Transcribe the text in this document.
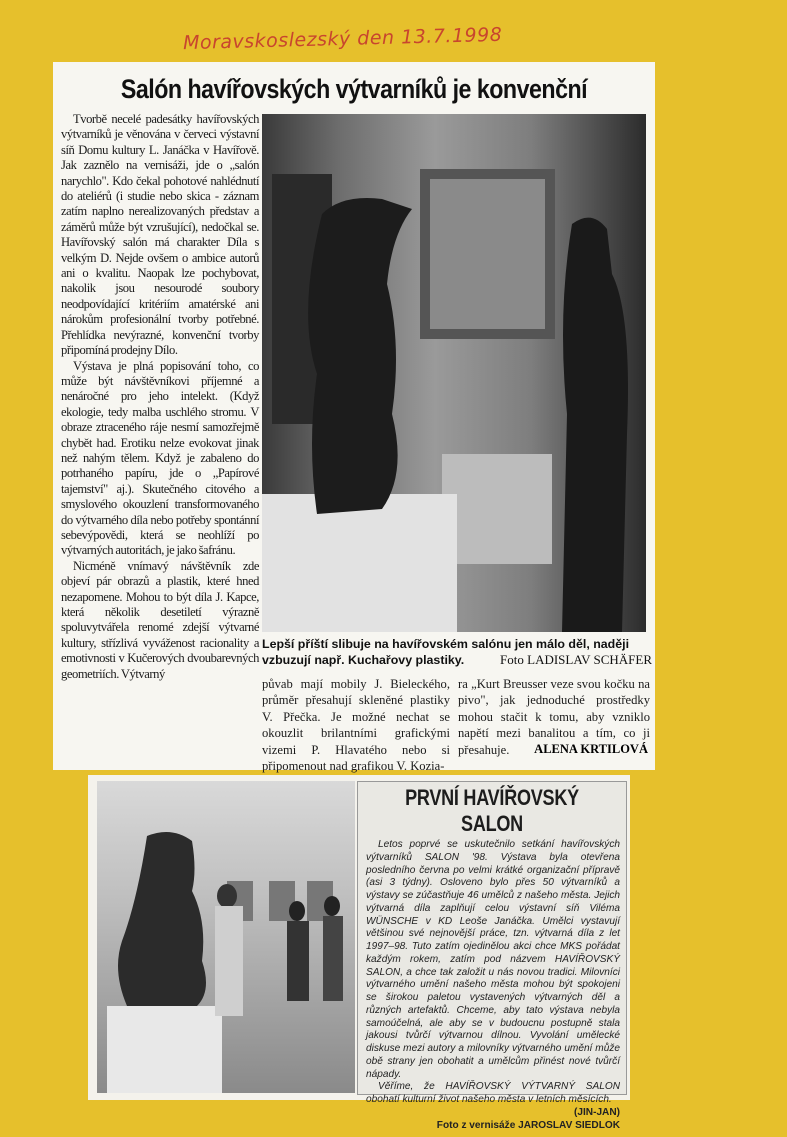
Moravskoslezský den 13.7.1998
Salón havířovských výtvarníků je konvenční

Tvorbě necelé padesátky havířovských výtvarníků je věnována v červeci výstavní síň Domu kultury L. Janáčka v Havířově. Jak zaznělo na vernisáži, jde o „salón narychlo". Kdo čekal pohotové nahlédnutí do ateliérů (i studie nebo skica - záznam zatím naplno nerealizovaných představ a záměrů může být vzrušující), nedočkal se. Havířovský salón má charakter Díla s velkým D. Nejde ovšem o ambice autorů ani o kvalitu. Naopak lze pochybovat, nakolik jsou nesourodé soubory neodpovídající kritériím amatérské ani nárokům profesionální tvorby potřebné. Přehlídka nevýrazné, konvenční tvorby připomíná prodejny Dílo.

Výstava je plná popisování toho, co může být návštěvníkovi příjemné a nenáročné pro jeho intelekt. (Když ekologie, tedy malba uschlého stromu. V obraze ztraceného ráje nesmí samozřejmě chybět had. Erotiku nelze evokovat jinak než nahým tělem. Když je zabaleno do potrhaného papíru, jde o „Papírové tajemství" aj.). Skutečného citového a smyslového okouzlení transformovaného do výtvarného díla nebo potřeby spontánní sebevýpovědi, která se neohlíží po výtvarných autoritách, je jako šafránu.

Nicméně vnímavý návštěvník zde objeví pár obrazů a plastik, které hned nezapomene. Mohou to být díla J. Kapce, která několik desetiletí výrazně spoluvytvářela renomé zdejší výtvarné kultury, střízlivá vyváženost racionality a emotivnosti v Kučerových dvoubarevných geometriích. Výtvarný

Lepší příští slibuje na havířovském salónu jen málo děl, naději vzbuzují např. Kuchařovy plastiky.	Foto LADISLAV SCHÄFER

půvab mají mobily J. Bieleckého, průměr přesahují skleněné plastiky V. Přečka. Je možné nechat se okouzlit brilantními grafickými vizemi P. Hlavatého nebo si připomenout nad grafikou V. Kozia-

ra „Kurt Breusser veze svou kočku na pivo", jak jednoduché prostředky mohou stačit k tomu, aby vzniklo napětí mezi banalitou a tím, co ji přesahuje.	ALENA KRTILOVÁ
PRVNÍ HAVÍŘOVSKÝ SALON

Letos poprvé se uskutečnilo setkání havířovských výtvarníků SALON '98. Výstava byla otevřena posledního června po velmi krátké organizační přípravě (asi 3 týdny). Osloveno bylo přes 50 výtvarníků a výstavy se zúčastňuje 46 umělců z našeho města. Jejich výtvarná díla zaplňují celou výstavní síň Viléma WÜNSCHE v KD Leoše Janáčka. Umělci vystavují většinou své nejnovější práce, tzn. výtvarná díla z let 1997–98. Tuto zatím ojedinělou akci chce MKS pořádat každým rokem, zatím pod názvem HAVÍŘOVSKÝ SALON, a chce tak založit u nás novou tradici. Milovníci výtvarného umění našeho města mohou být spokojeni se širokou paletou vystavených výtvarných děl a různých artefaktů. Chceme, aby tato výstava nebyla samoúčelná, ale aby se v budoucnu postupně stala jakousi tvůrčí výtvarnou dílnou. Vyvolání umělecké diskuse mezi autory a milovníky výtvarného umění může obě strany jen obohatit a umělcům přinést nové tvůrčí nápady.

Věříme, že HAVÍŘOVSKÝ VÝTVARNÝ SALON obohatí kulturní život našeho města v letních měsících.

(JIN-JAN)
Foto z vernisáže JAROSLAV SIEDLOK
